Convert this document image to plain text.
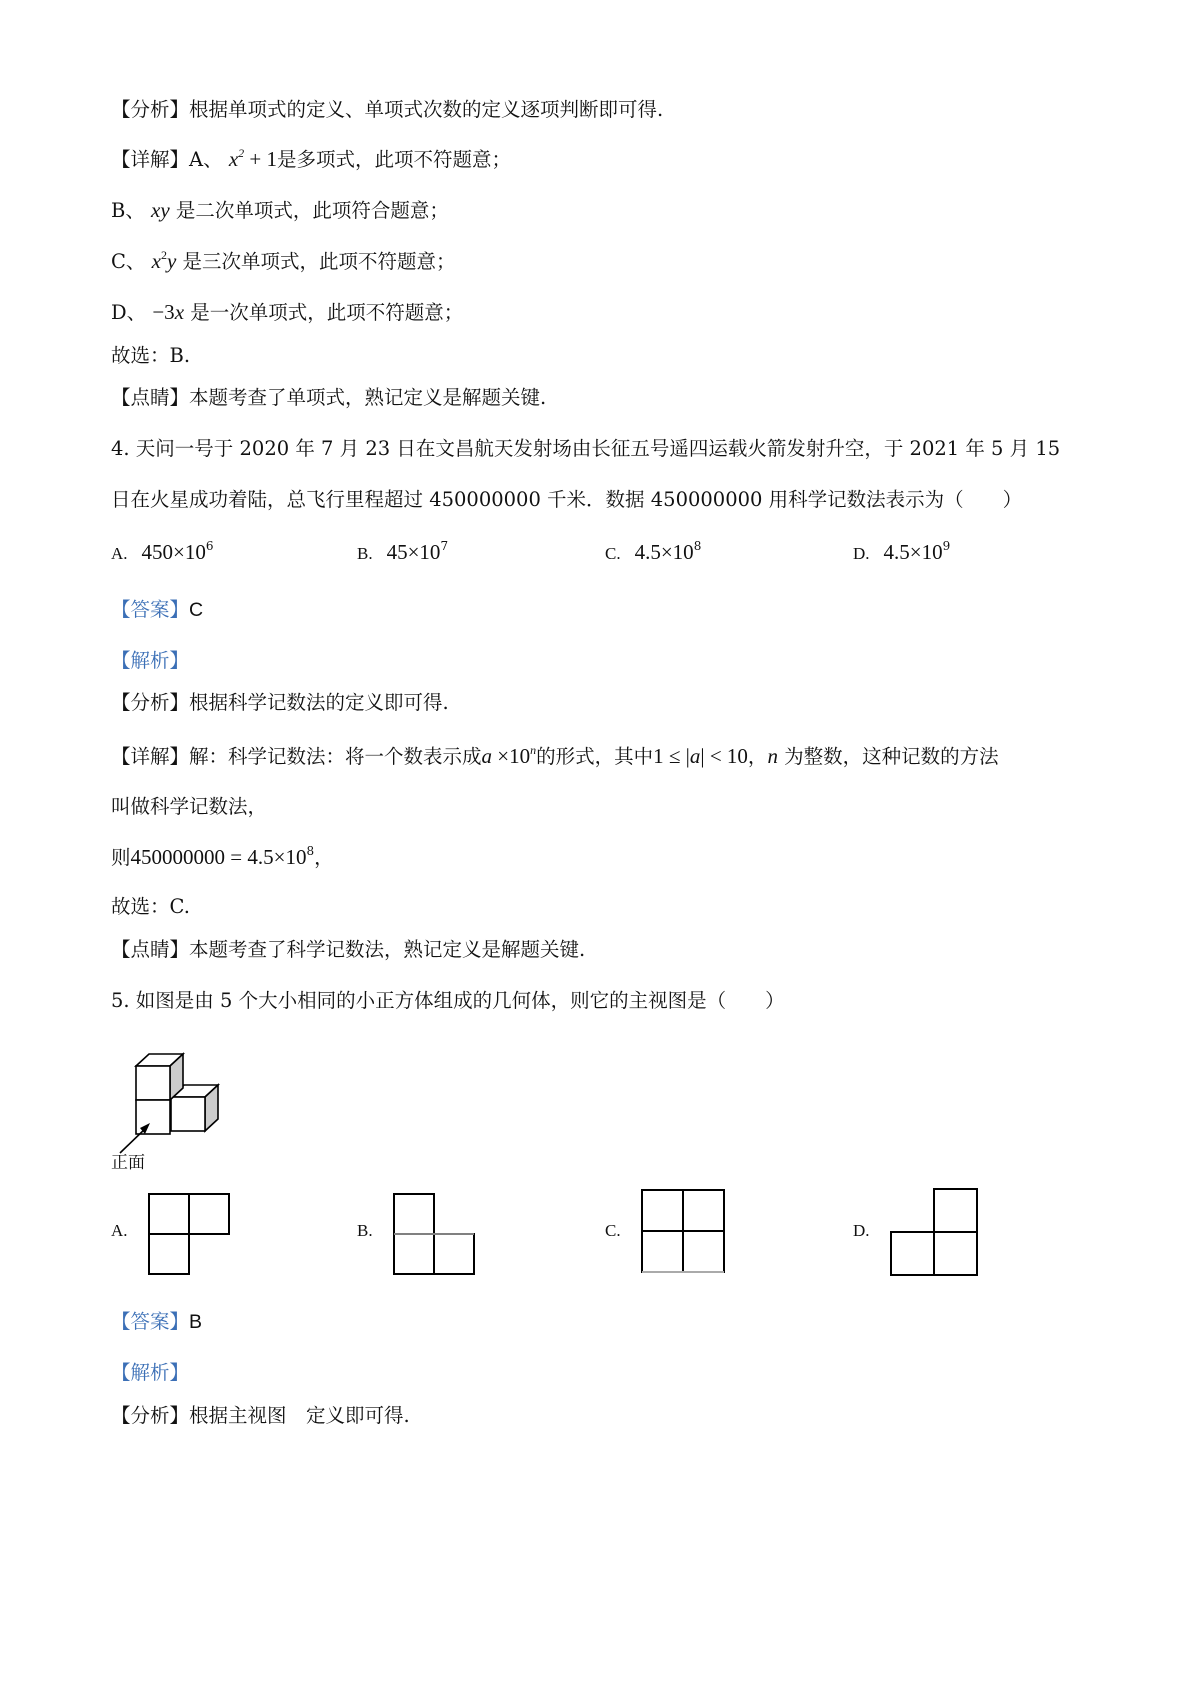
【分析】根据单项式的定义、单项式次数的定义逐项判断即可得.
【详解】A、 $x^2 + 1$是多项式，此项不符题意；
B、 xy 是二次单项式，此项符合题意；
C、 $x^2y$ 是三次单项式，此项不符题意；
D、 −3x 是一次单项式，此项不符题意；
故选：B.
【点睛】本题考查了单项式，熟记定义是解题关键.
4. 天问一号于 2020 年 7 月 23 日在文昌航天发射场由长征五号遥四运载火箭发射升空，于 2021 年 5 月 15
日在火星成功着陆，总飞行里程超过 450000000 千米．数据 450000000 用科学记数法表示为（　　）
A. $450\times 10^6$	B. $45\times 10^7$	C. $4.5\times 10^8$	D. $4.5\times 10^9$
【答案】C
【解析】
【分析】根据科学记数法的定义即可得.
【详解】解：科学记数法：将一个数表示成$a \times 10^n$的形式，其中1 ≤ |a| < 10，n 为整数，这种记数的方法
叫做科学记数法，
则$450000000 = 4.5\times 10^8$，
故选：C.
【点睛】本题考查了科学记数法，熟记定义是解题关键.
5. 如图是由 5 个大小相同的小正方体组成的几何体，则它的主视图是（　　）
正面
A.	B.	C.	D.
【答案】B
【解析】
【分析】根据主视图　定义即可得.
